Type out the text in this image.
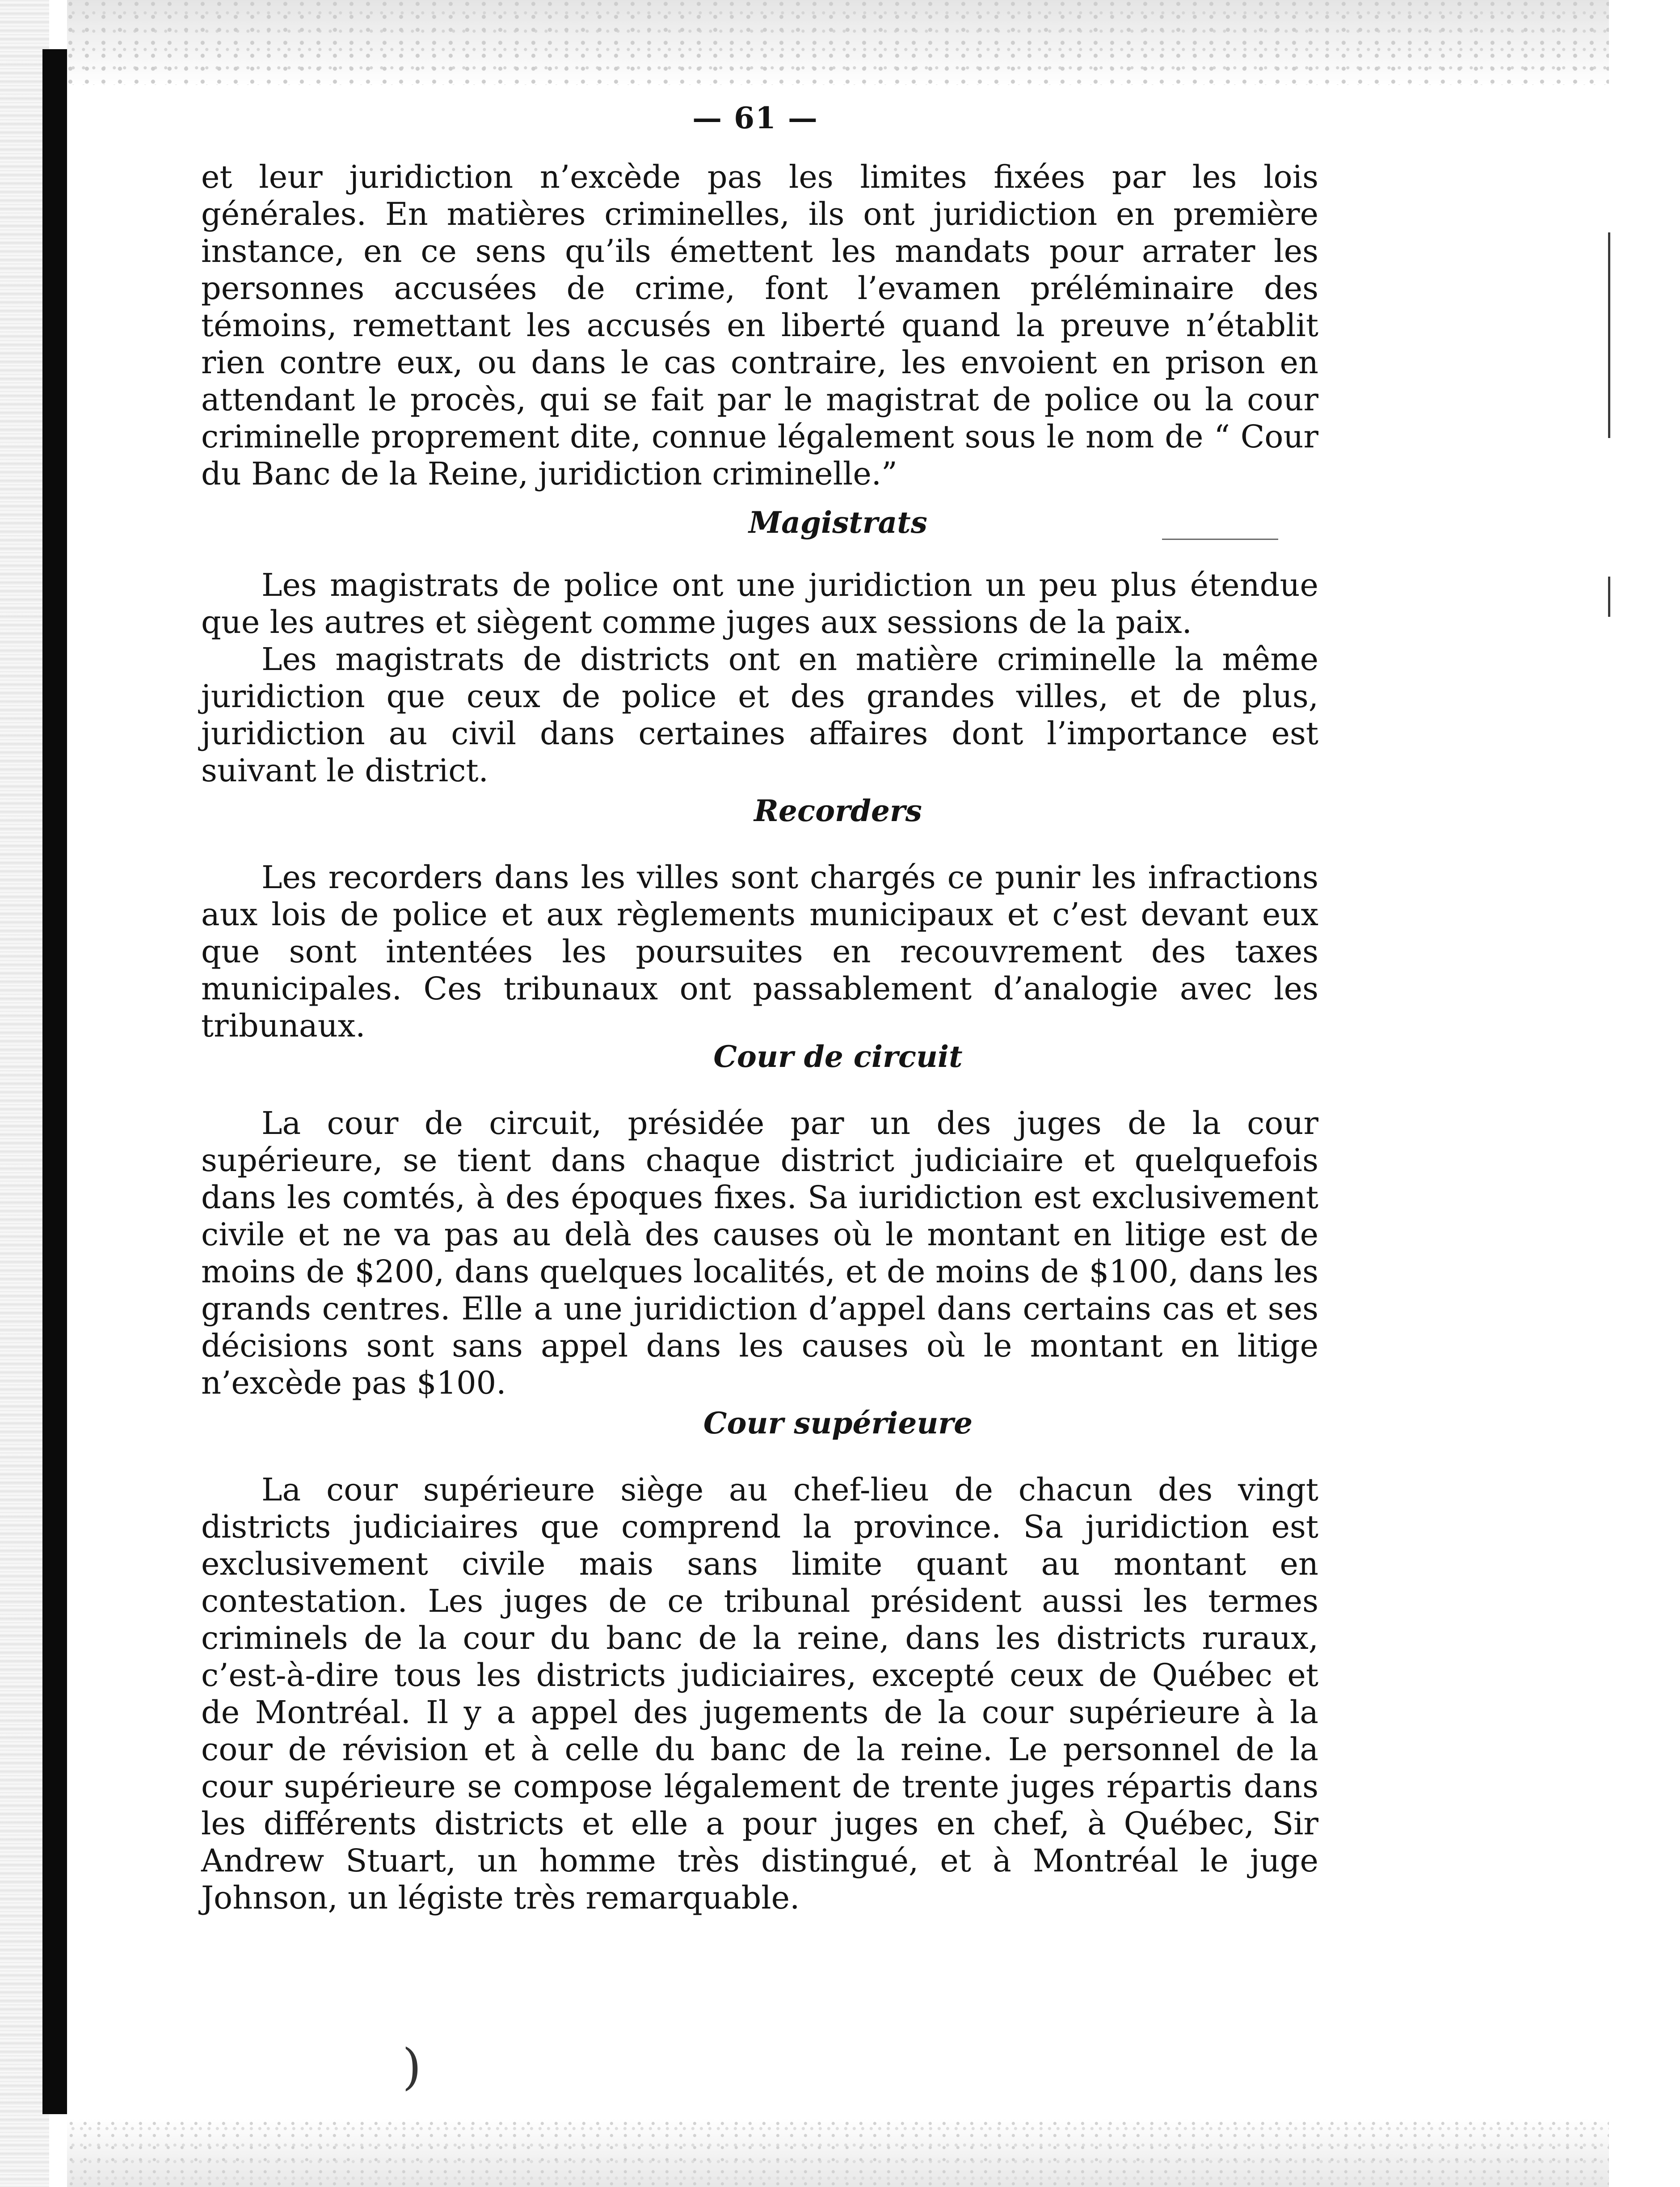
— 61 —

et leur juridiction n’excède pas les limites fixées par les lois générales. En matières criminelles, ils ont juridiction en première instance, en ce sens qu’ils émettent les mandats pour arrater les personnes accusées de crime, font l’evamen préléminaire des témoins, remettant les accusés en liberté quand la preuve n’établit rien contre eux, ou dans le cas contraire, les envoient en prison en attendant le procès, qui se fait par le magistrat de police ou la cour criminelle proprement dite, connue légalement sous le nom de “ Cour du Banc de la Reine, juridiction criminelle.”

Magistrats

Les magistrats de police ont une juridiction un peu plus étendue que les autres et siègent comme juges aux sessions de la paix.

Les magistrats de districts ont en matière criminelle la même juridiction que ceux de police et des grandes villes, et de plus, juridiction au civil dans certaines affaires dont l’importance est suivant le district.

Recorders

Les recorders dans les villes sont chargés ce punir les infractions aux lois de police et aux règlements municipaux et c’est devant eux que sont intentées les poursuites en recouvrement des taxes municipales. Ces tribunaux ont passablement d’analogie avec les tribunaux.

Cour de circuit

La cour de circuit, présidée par un des juges de la cour supérieure, se tient dans chaque district judiciaire et quelquefois dans les comtés, à des époques fixes. Sa iuridiction est exclusivement civile et ne va pas au delà des causes où le montant en litige est de moins de $200, dans quelques localités, et de moins de $100, dans les grands centres. Elle a une juridiction d’appel dans certains cas et ses décisions sont sans appel dans les causes où le montant en litige n’excède pas $100.

Cour supérieure

La cour supérieure siège au chef-lieu de chacun des vingt districts judiciaires que comprend la province. Sa juridiction est exclusivement civile mais sans limite quant au montant en contestation. Les juges de ce tribunal président aussi les termes criminels de la cour du banc de la reine, dans les districts ruraux, c’est-à-dire tous les districts judiciaires, excepté ceux de Québec et de Montréal. Il y a appel des jugements de la cour supérieure à la cour de révision et à celle du banc de la reine. Le personnel de la cour supérieure se compose légalement de trente juges répartis dans les différents districts et elle a pour juges en chef, à Québec, Sir Andrew Stuart, un homme très distingué, et à Montréal le juge Johnson, un légiste très remarquable.

)
